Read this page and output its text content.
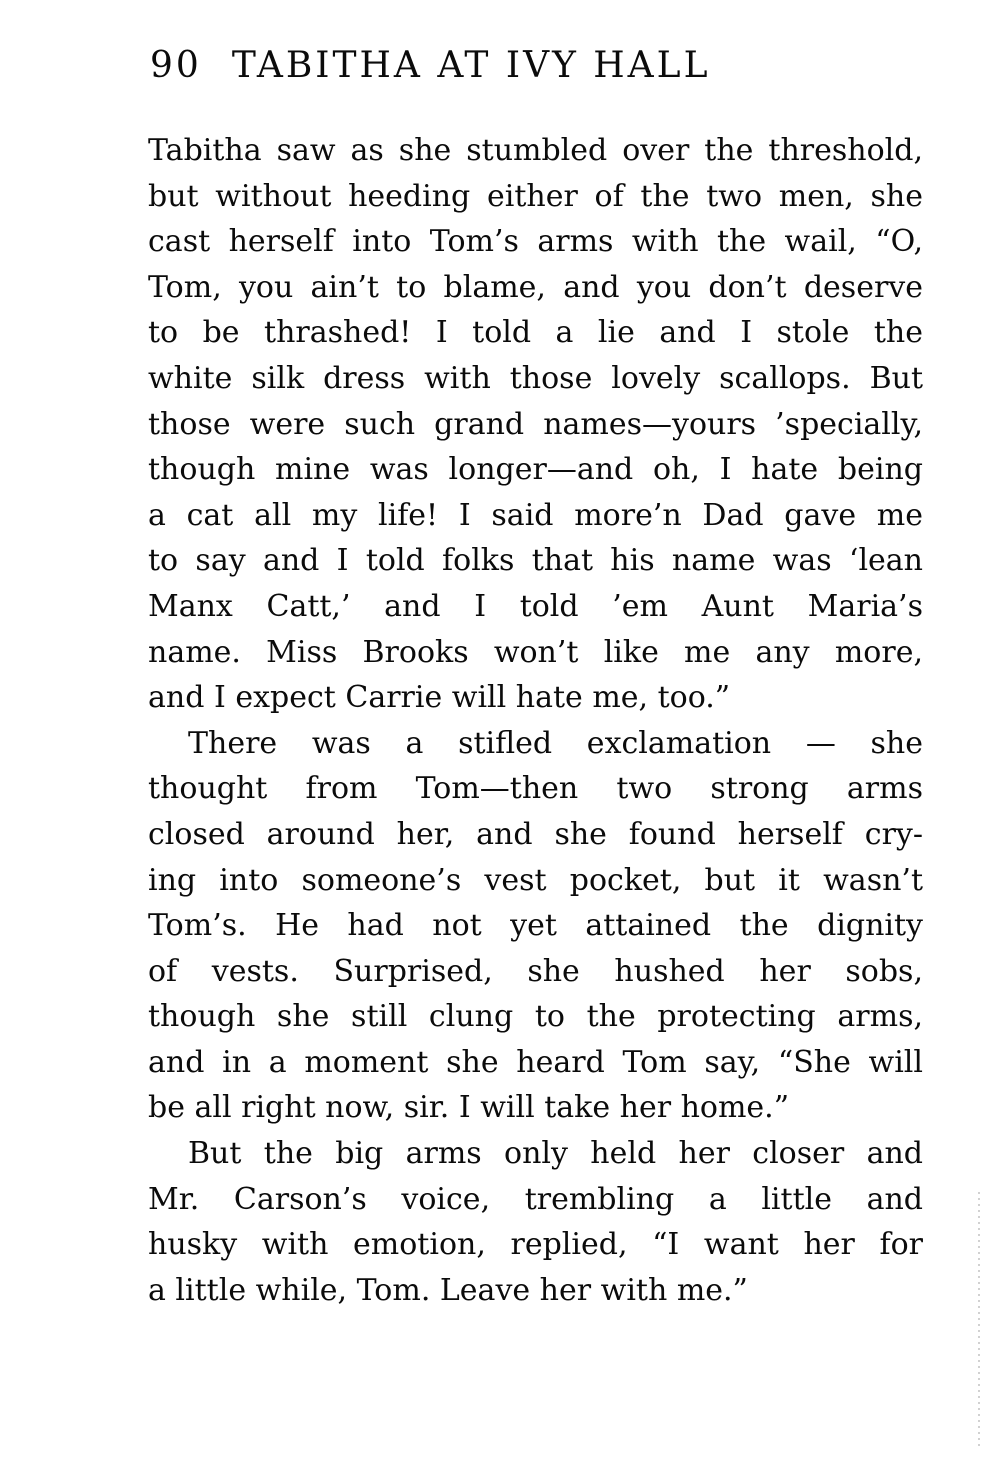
90 TABITHA AT IVY HALL
Tabitha saw as she stumbled over the threshold,
but without heeding either of the two men, she
cast herself into Tom’s arms with the wail, “O,
Tom, you ain’t to blame, and you don’t deserve
to be thrashed! I told a lie and I stole the
white silk dress with those lovely scallops. But
those were such grand names—yours ’specially,
though mine was longer—and oh, I hate being
a cat all my life! I said more’n Dad gave me
to say and I told folks that his name was ‘lean
Manx Catt,’ and I told ’em Aunt Maria’s
name. Miss Brooks won’t like me any more,
and I expect Carrie will hate me, too.”
There was a stifled exclamation — she
thought from Tom—then two strong arms
closed around her, and she found herself cry-
ing into someone’s vest pocket, but it wasn’t
Tom’s. He had not yet attained the dignity
of vests. Surprised, she hushed her sobs,
though she still clung to the protecting arms,
and in a moment she heard Tom say, “She will
be all right now, sir. I will take her home.”
But the big arms only held her closer and
Mr. Carson’s voice, trembling a little and
husky with emotion, replied, “I want her for
a little while, Tom. Leave her with me.”
